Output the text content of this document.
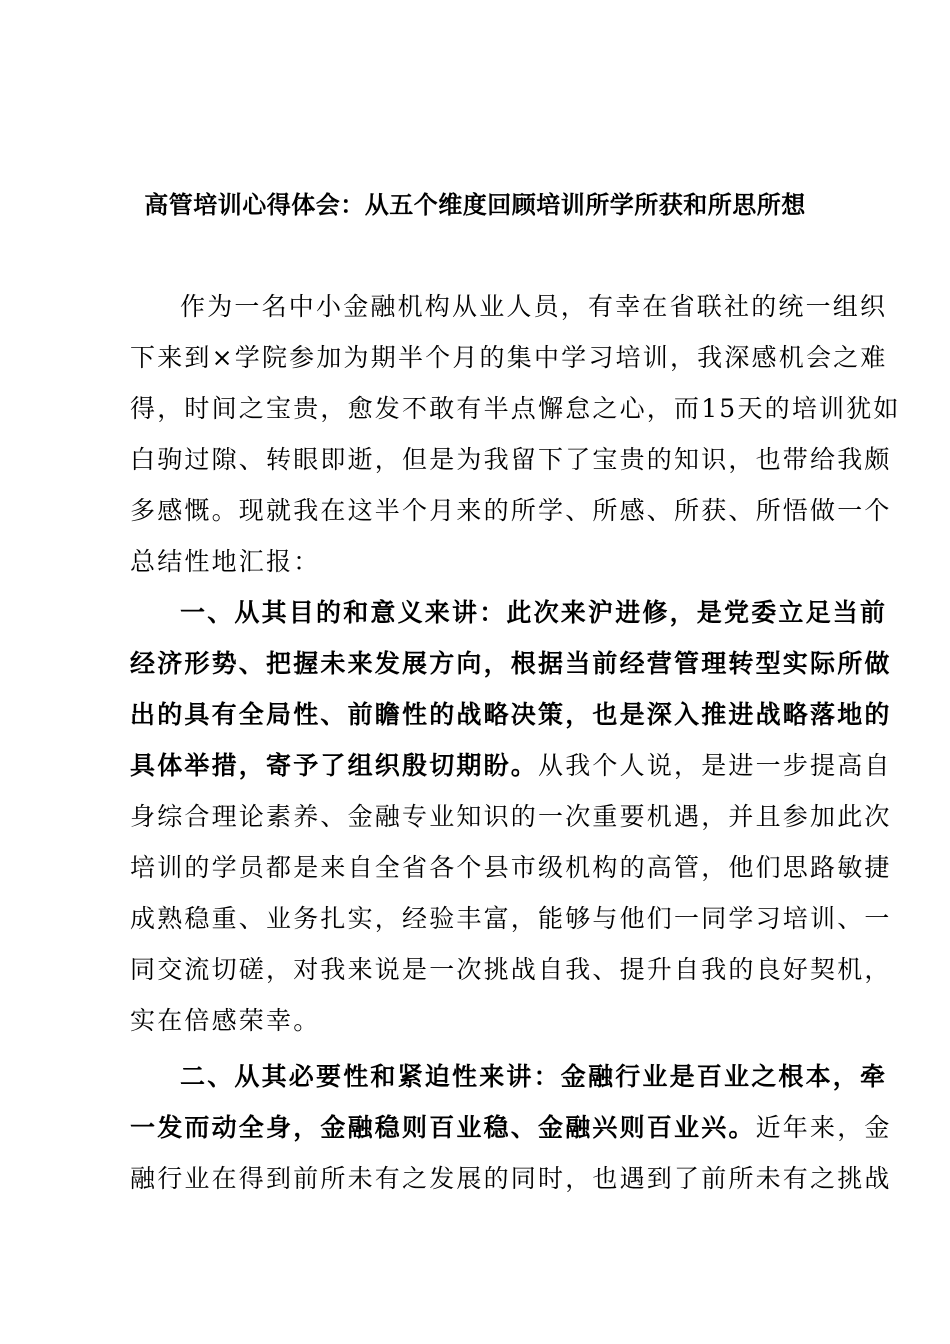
高管培训心得体会：从五个维度回顾培训所学所获和所思所想
作为一名中小金融机构从业人员，有幸在省联社的统一组织
下来到×学院参加为期半个月的集中学习培训，我深感机会之难
得，时间之宝贵，愈发不敢有半点懈怠之心，而15天的培训犹如
白驹过隙、转眼即逝，但是为我留下了宝贵的知识，也带给我颇
多感慨。现就我在这半个月来的所学、所感、所获、所悟做一个
总结性地汇报：
一、从其目的和意义来讲：此次来沪进修，是党委立足当前
经济形势、把握未来发展方向，根据当前经营管理转型实际所做
出的具有全局性、前瞻性的战略决策，也是深入推进战略落地的
具体举措，寄予了组织殷切期盼。从我个人说，是进一步提高自
身综合理论素养、金融专业知识的一次重要机遇，并且参加此次
培训的学员都是来自全省各个县市级机构的高管，他们思路敏捷
成熟稳重、业务扎实，经验丰富，能够与他们一同学习培训、一
同交流切磋，对我来说是一次挑战自我、提升自我的良好契机，
实在倍感荣幸。
二、从其必要性和紧迫性来讲：金融行业是百业之根本，牵
一发而动全身，金融稳则百业稳、金融兴则百业兴。近年来，金
融行业在得到前所未有之发展的同时，也遇到了前所未有之挑战
